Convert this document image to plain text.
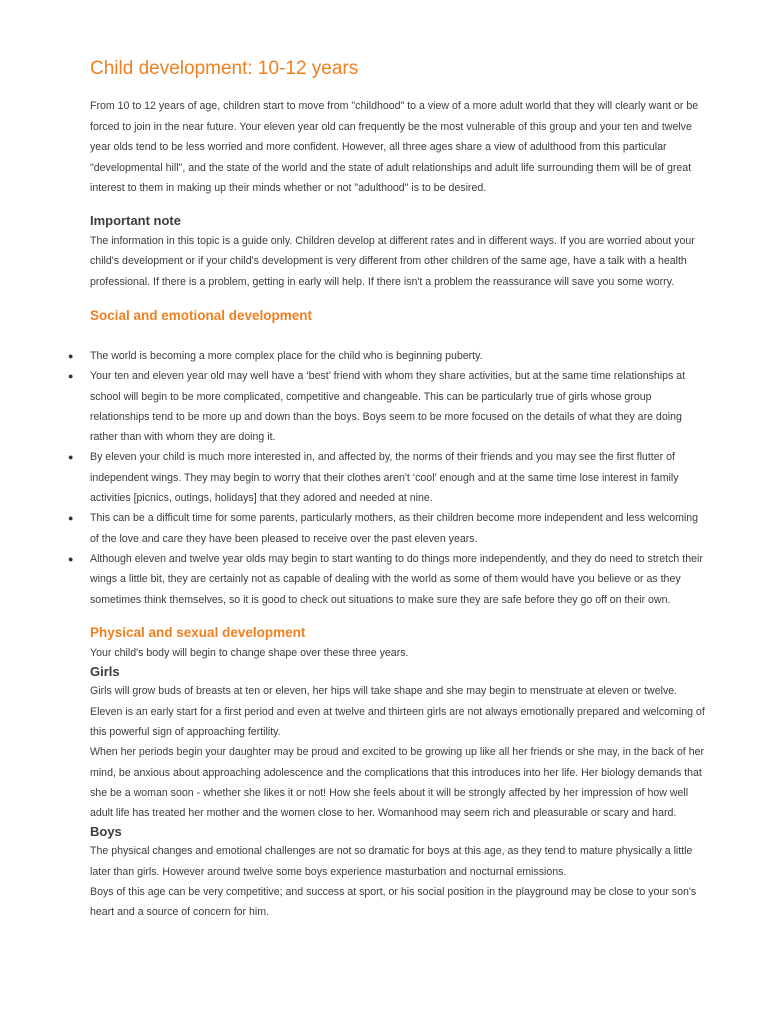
Child development: 10-12 years

From 10 to 12 years of age, children start to move from "childhood" to a view of a more adult world that they will clearly want or be forced to join in the near future. Your eleven year old can frequently be the most vulnerable of this group and your ten and twelve year olds tend to be less worried and more confident. However, all three ages share a view of adulthood from this particular "developmental hill", and the state of the world and the state of adult relationships and adult life surrounding them will be of great interest to them in making up their minds whether or not "adulthood" is to be desired.

Important note

The information in this topic is a guide only. Children develop at different rates and in different ways. If you are worried about your child's development or if your child's development is very different from other children of the same age, have a talk with a health professional. If there is a problem, getting in early will help. If there isn't a problem the reassurance will save you some worry.

Social and emotional development
● The world is becoming a more complex place for the child who is beginning puberty.
● Your ten and eleven year old may well have a ‘best’ friend with whom they share activities, but at the same time relationships at school will begin to be more complicated, competitive and changeable. This can be particularly true of girls whose group relationships tend to be more up and down than the boys. Boys seem to be more focused on the details of what they are doing rather than with whom they are doing it.
● By eleven your child is much more interested in, and affected by, the norms of their friends and you may see the first flutter of independent wings. They may begin to worry that their clothes aren't ‘cool’ enough and at the same time lose interest in family activities [picnics, outings, holidays] that they adored and needed at nine.
● This can be a difficult time for some parents, particularly mothers, as their children become more independent and less welcoming of the love and care they have been pleased to receive over the past eleven years.
● Although eleven and twelve year olds may begin to start wanting to do things more independently, and they do need to stretch their wings a little bit, they are certainly not as capable of dealing with the world as some of them would have you believe or as they sometimes think themselves, so it is good to check out situations to make sure they are safe before they go off on their own.
Physical and sexual development

Your child's body will begin to change shape over these three years.

Girls

Girls will grow buds of breasts at ten or eleven, her hips will take shape and she may begin to menstruate at eleven or twelve. Eleven is an early start for a first period and even at twelve and thirteen girls are not always emotionally prepared and welcoming of this powerful sign of approaching fertility.

When her periods begin your daughter may be proud and excited to be growing up like all her friends or she may, in the back of her mind, be anxious about approaching adolescence and the complications that this introduces into her life. Her biology demands that she be a woman soon - whether she likes it or not! How she feels about it will be strongly affected by her impression of how well adult life has treated her mother and the women close to her. Womanhood may seem rich and pleasurable or scary and hard.

Boys

The physical changes and emotional challenges are not so dramatic for boys at this age, as they tend to mature physically a little later than girls. However around twelve some boys experience masturbation and nocturnal emissions.

Boys of this age can be very competitive; and success at sport, or his social position in the playground may be close to your son's heart and a source of concern for him.
